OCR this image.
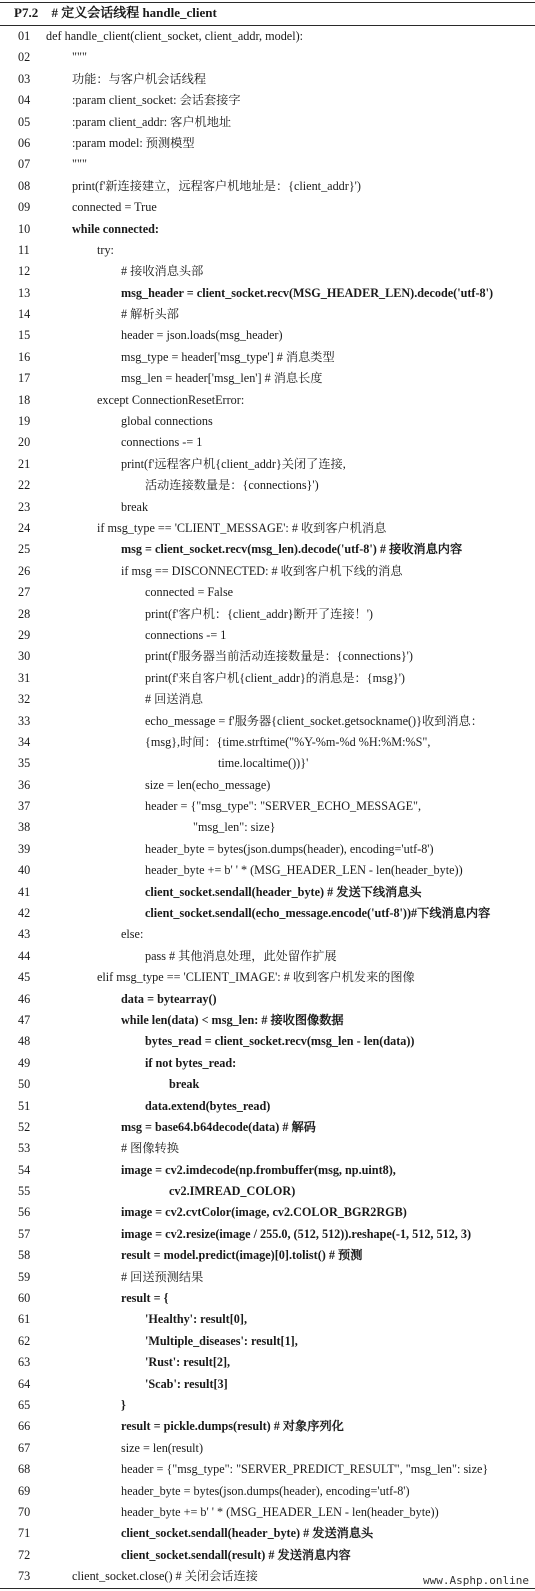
P7.2 # 定义会话线程 handle_client
01	def handle_client(client_socket, client_addr, model):
02	"""
03	功能：与客户机会话线程
04	:param client_socket: 会话套接字
05	:param client_addr: 客户机地址
06	:param model: 预测模型
07	"""
08	print(f'新连接建立，远程客户机地址是：{client_addr}')
09	connected = True
10	while connected:
11	try:
12	# 接收消息头部
13	msg_header = client_socket.recv(MSG_HEADER_LEN).decode('utf-8')
14	# 解析头部
15	header = json.loads(msg_header)
16	msg_type = header['msg_type'] # 消息类型
17	msg_len = header['msg_len'] # 消息长度
18	except ConnectionResetError:
19	global connections
20	connections -= 1
21	print(f'远程客户机{client_addr}关闭了连接,
22	活动连接数量是：{connections}')
23	break
24	if msg_type == 'CLIENT_MESSAGE': # 收到客户机消息
25	msg = client_socket.recv(msg_len).decode('utf-8') # 接收消息内容
26	if msg == DISCONNECTED: # 收到客户机下线的消息
27	connected = False
28	print(f'客户机：{client_addr}断开了连接！')
29	connections -= 1
30	print(f'服务器当前活动连接数量是：{connections}')
31	print(f'来自客户机{client_addr}的消息是：{msg}')
32	# 回送消息
33	echo_message = f'服务器{client_socket.getsockname()}收到消息：
34	{msg},时间：{time.strftime("%Y-%m-%d %H:%M:%S",
35	time.localtime())}'
36	size = len(echo_message)
37	header = {"msg_type": "SERVER_ECHO_MESSAGE",
38	"msg_len": size}
39	header_byte = bytes(json.dumps(header), encoding='utf-8')
40	header_byte += b' ' * (MSG_HEADER_LEN - len(header_byte))
41	client_socket.sendall(header_byte) # 发送下线消息头
42	client_socket.sendall(echo_message.encode('utf-8'))#下线消息内容
43	else:
44	pass # 其他消息处理，此处留作扩展
45	elif msg_type == 'CLIENT_IMAGE': # 收到客户机发来的图像
46	data = bytearray()
47	while len(data) < msg_len: # 接收图像数据
48	bytes_read = client_socket.recv(msg_len - len(data))
49	if not bytes_read:
50	break
51	data.extend(bytes_read)
52	msg = base64.b64decode(data) # 解码
53	# 图像转换
54	image = cv2.imdecode(np.frombuffer(msg, np.uint8),
55	cv2.IMREAD_COLOR)
56	image = cv2.cvtColor(image, cv2.COLOR_BGR2RGB)
57	image = cv2.resize(image / 255.0, (512, 512)).reshape(-1, 512, 512, 3)
58	result = model.predict(image)[0].tolist() # 预测
59	# 回送预测结果
60	result = {
61	'Healthy': result[0],
62	'Multiple_diseases': result[1],
63	'Rust': result[2],
64	'Scab': result[3]
65	}
66	result = pickle.dumps(result) # 对象序列化
67	size = len(result)
68	header = {"msg_type": "SERVER_PREDICT_RESULT", "msg_len": size}
69	header_byte = bytes(json.dumps(header), encoding='utf-8')
70	header_byte += b' ' * (MSG_HEADER_LEN - len(header_byte))
71	client_socket.sendall(header_byte) # 发送消息头
72	client_socket.sendall(result) # 发送消息内容
73	client_socket.close() # 关闭会话连接	www.Asphp.online
